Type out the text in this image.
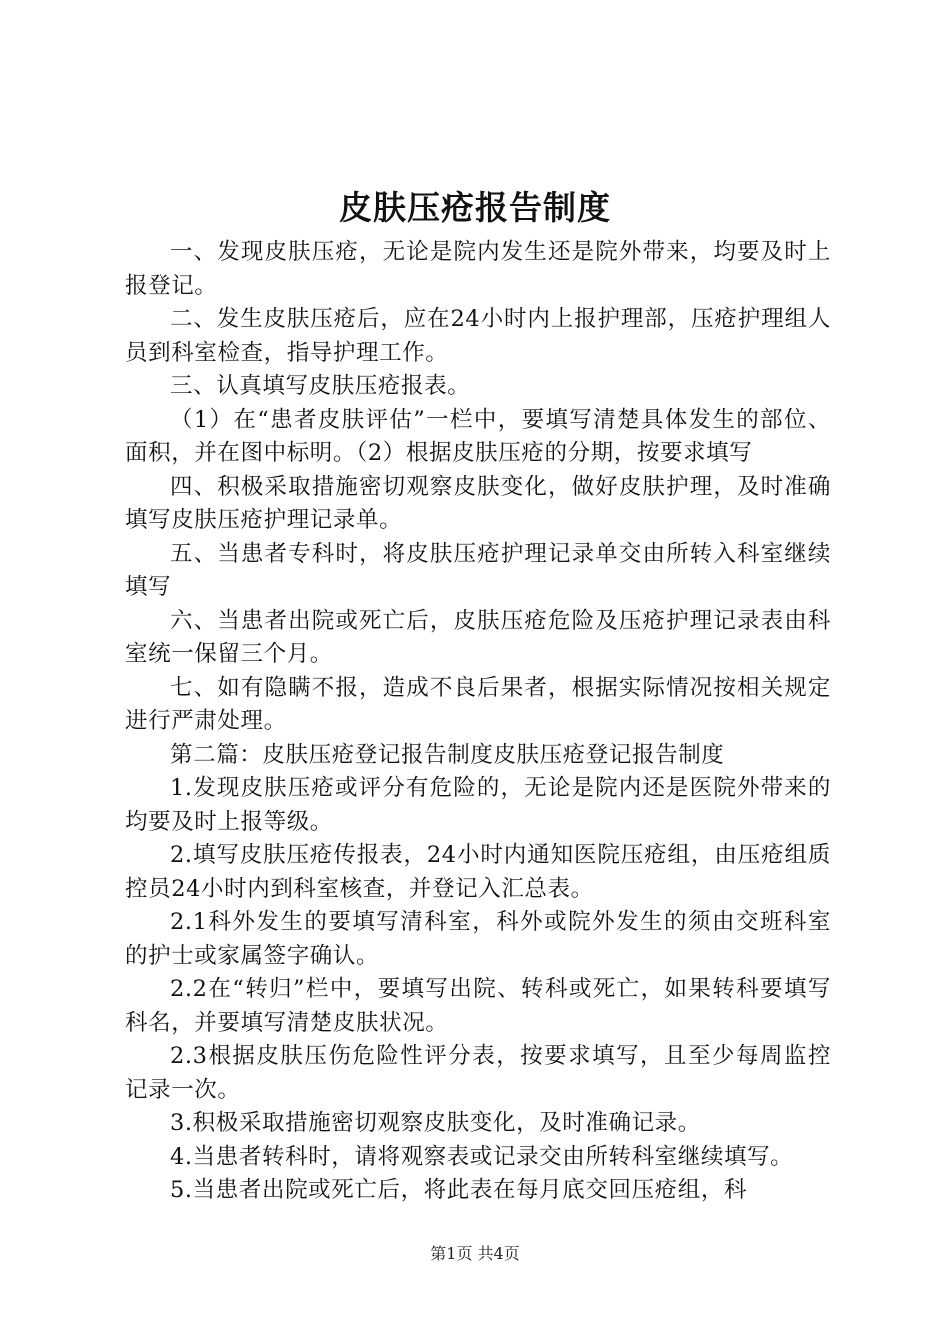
皮肤压疮报告制度

一、发现皮肤压疮，无论是院内发生还是院外带来，均要及时上报登记。

二、发生皮肤压疮后，应在24小时内上报护理部，压疮护理组人员到科室检查，指导护理工作。

三、认真填写皮肤压疮报表。

（1）在“患者皮肤评估”一栏中，要填写清楚具体发生的部位、面积，并在图中标明。（2）根据皮肤压疮的分期，按要求填写

四、积极采取措施密切观察皮肤变化，做好皮肤护理，及时准确填写皮肤压疮护理记录单。

五、当患者专科时，将皮肤压疮护理记录单交由所转入科室继续填写

六、当患者出院或死亡后，皮肤压疮危险及压疮护理记录表由科室统一保留三个月。

七、如有隐瞒不报，造成不良后果者，根据实际情况按相关规定进行严肃处理。

第二篇：皮肤压疮登记报告制度皮肤压疮登记报告制度

1.发现皮肤压疮或评分有危险的，无论是院内还是医院外带来的均要及时上报等级。

2.填写皮肤压疮传报表，24小时内通知医院压疮组，由压疮组质控员24小时内到科室核查，并登记入汇总表。

2.1科外发生的要填写清科室，科外或院外发生的须由交班科室的护士或家属签字确认。

2.2在“转归”栏中，要填写出院、转科或死亡，如果转科要填写科名，并要填写清楚皮肤状况。

2.3根据皮肤压伤危险性评分表，按要求填写，且至少每周监控记录一次。

3.积极采取措施密切观察皮肤变化，及时准确记录。

4.当患者转科时，请将观察表或记录交由所转科室继续填写。

5.当患者出院或死亡后，将此表在每月底交回压疮组，科

第1页 共4页
